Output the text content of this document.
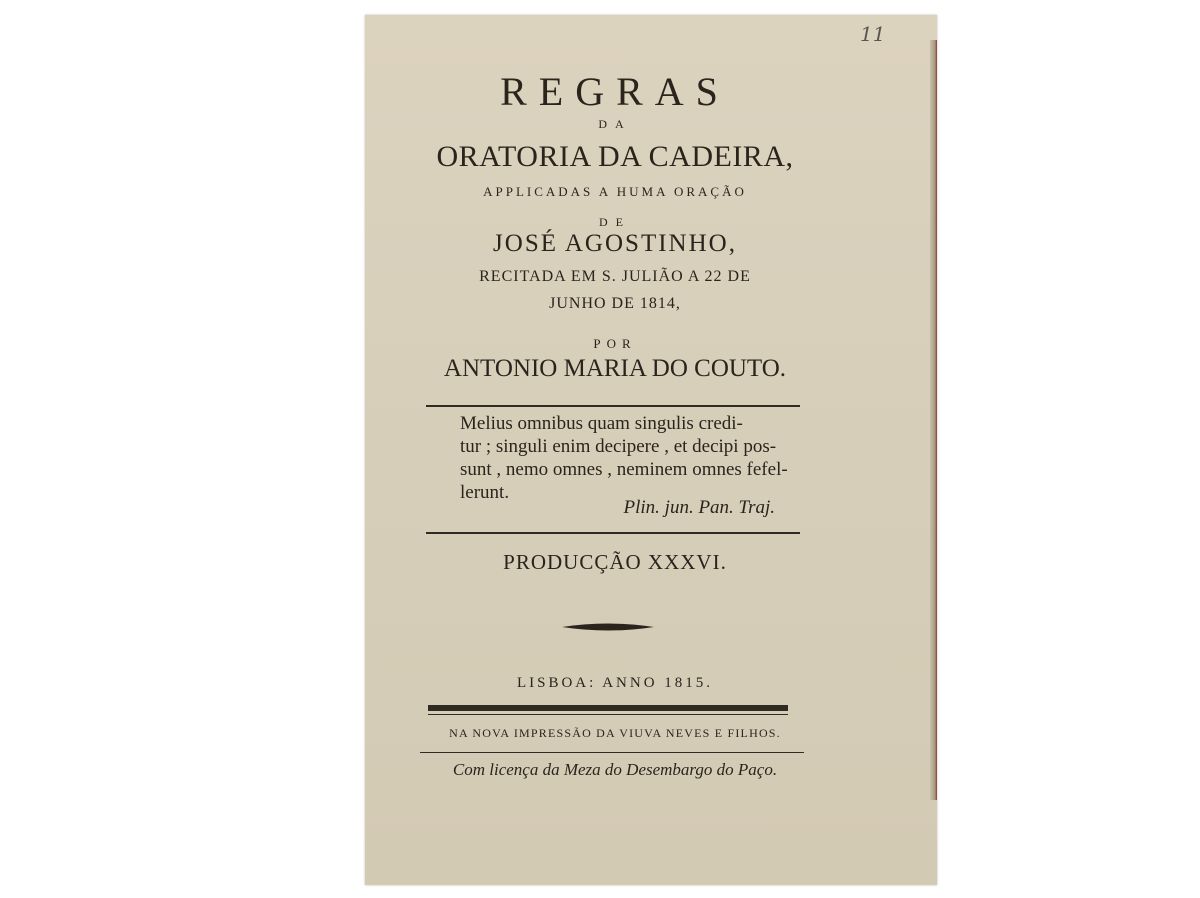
11
REGRAS
DA
ORATORIA DA CADEIRA,
APPLICADAS A HUMA ORAÇÃO
DE
JOSÉ AGOSTINHO,
RECITADA EM S. JULIÃO A 22 DE
JUNHO DE 1814,
POR
ANTONIO MARIA DO COUTO.

Melius omnibus quam singulis credi-

tur ; singuli enim decipere , et decipi pos-

sunt , nemo omnes , neminem omnes fefel-

lerunt.

Plin. jun. Pan. Traj.
PRODUCÇÃO XXXVI.
LISBOA: ANNO 1815.
NA NOVA IMPRESSÃO DA VIUVA NEVES E FILHOS.
Com licença da Meza do Desembargo do Paço.
